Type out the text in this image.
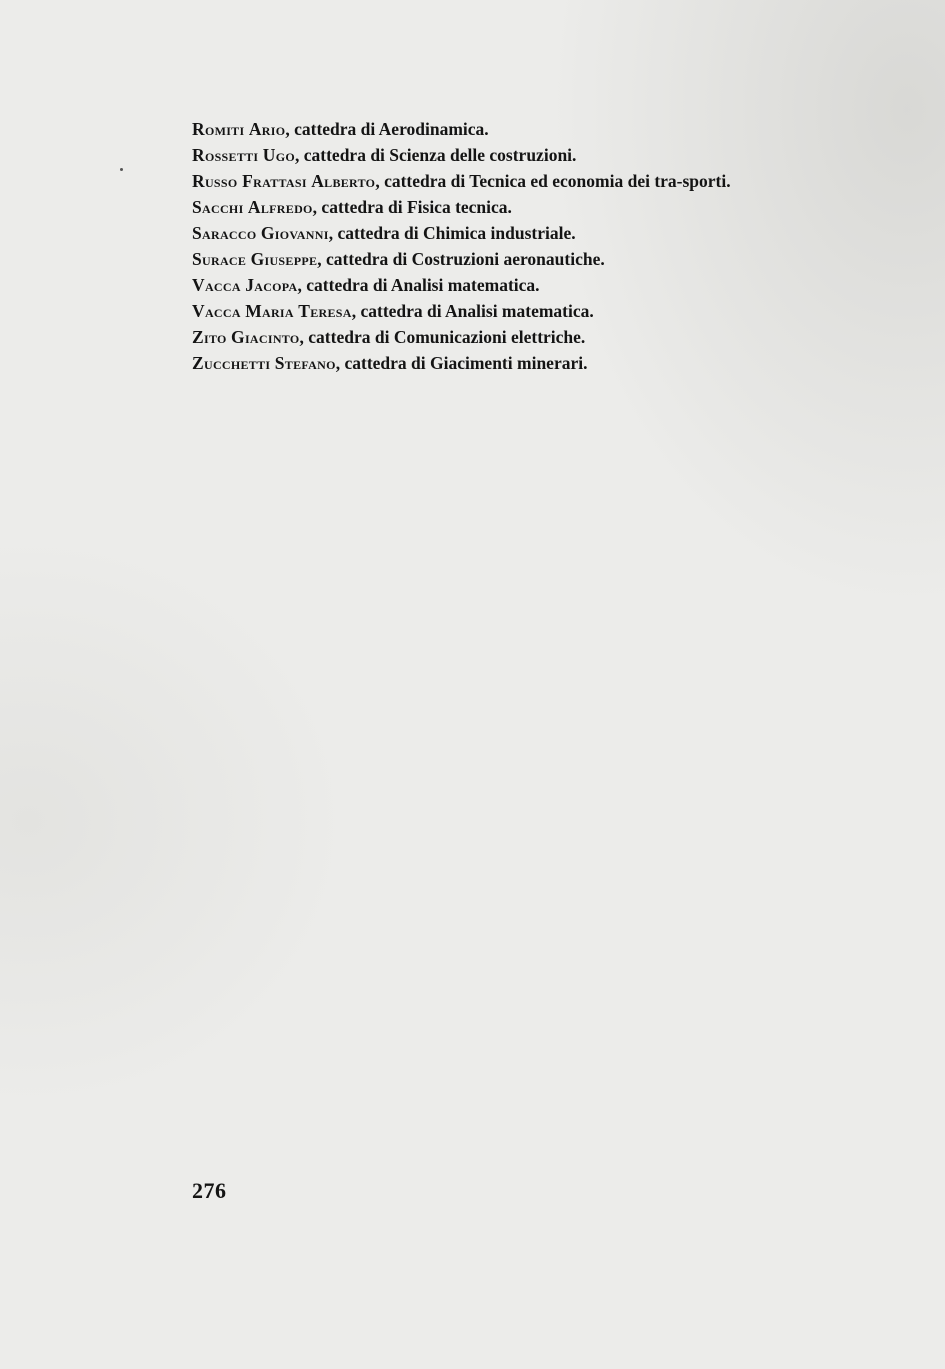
Romiti Ario, cattedra di Aerodinamica.
Rossetti Ugo, cattedra di Scienza delle costruzioni.
Russo Frattasi Alberto, cattedra di Tecnica ed economia dei tra-sporti.
Sacchi Alfredo, cattedra di Fisica tecnica.
Saracco Giovanni, cattedra di Chimica industriale.
Surace Giuseppe, cattedra di Costruzioni aeronautiche.
Vacca Jacopa, cattedra di Analisi matematica.
Vacca Maria Teresa, cattedra di Analisi matematica.
Zito Giacinto, cattedra di Comunicazioni elettriche.
Zucchetti Stefano, cattedra di Giacimenti minerari.
276
